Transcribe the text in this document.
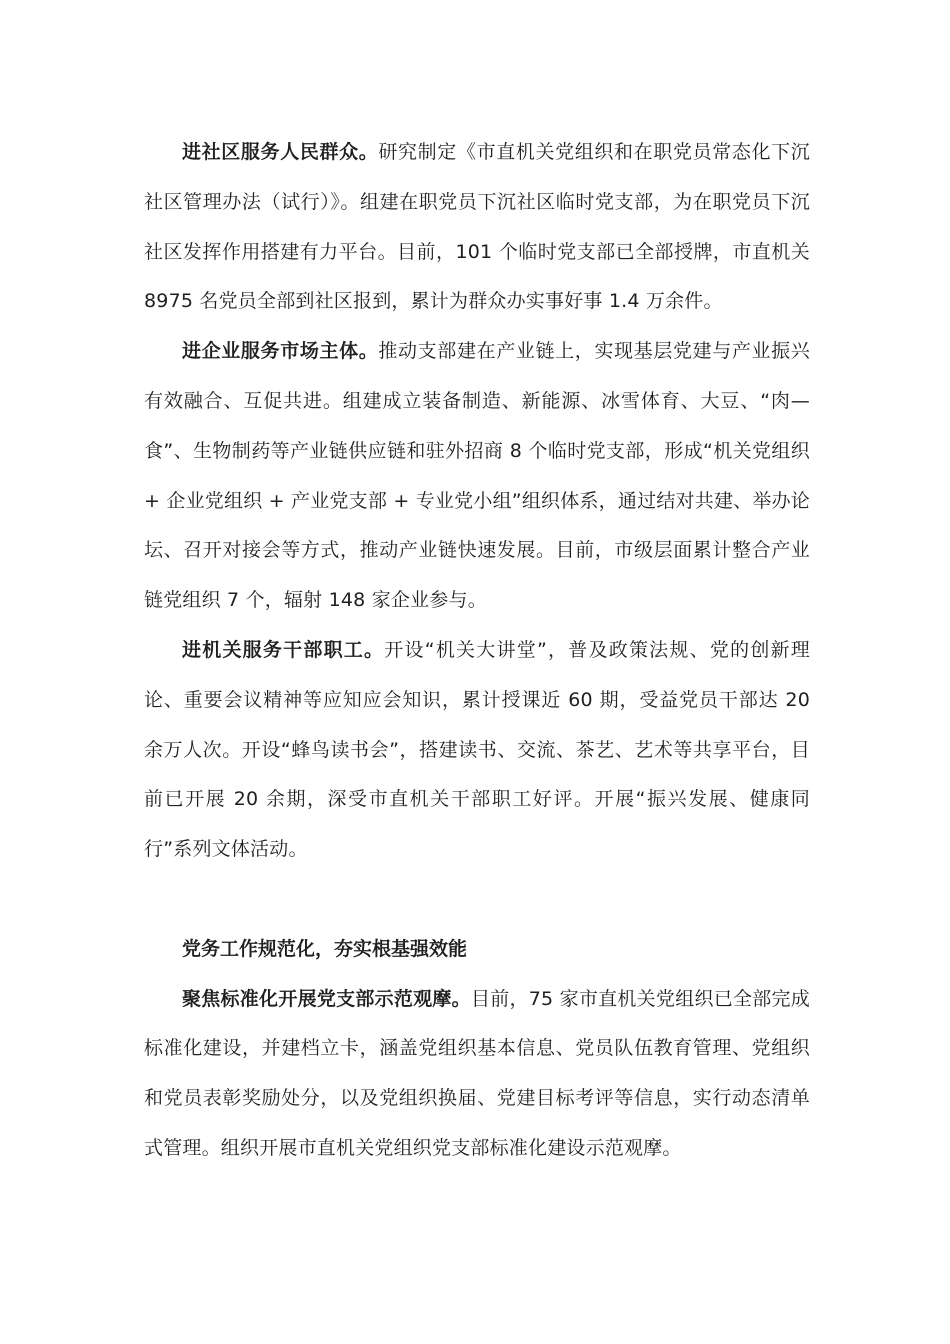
进社区服务人民群众。研究制定《市直机关党组织和在职党员常态化下沉社区管理办法（试行）》。组建在职党员下沉社区临时党支部，为在职党员下沉社区发挥作用搭建有力平台。目前，101 个临时党支部已全部授牌，市直机关 8975 名党员全部到社区报到，累计为群众办实事好事 1.4 万余件。

进企业服务市场主体。推动支部建在产业链上，实现基层党建与产业振兴有效融合、互促共进。组建成立装备制造、新能源、冰雪体育、大豆、“肉—食”、生物制药等产业链供应链和驻外招商 8 个临时党支部，形成“机关党组织 + 企业党组织 + 产业党支部 + 专业党小组”组织体系，通过结对共建、举办论坛、召开对接会等方式，推动产业链快速发展。目前，市级层面累计整合产业链党组织 7 个，辐射 148 家企业参与。

进机关服务干部职工。开设“机关大讲堂”，普及政策法规、党的创新理论、重要会议精神等应知应会知识，累计授课近 60 期，受益党员干部达 20 余万人次。开设“蜂鸟读书会”，搭建读书、交流、茶艺、艺术等共享平台，目前已开展 20 余期，深受市直机关干部职工好评。开展“振兴发展、健康同行”系列文体活动。

党务工作规范化，夯实根基强效能

聚焦标准化开展党支部示范观摩。目前，75 家市直机关党组织已全部完成标准化建设，并建档立卡，涵盖党组织基本信息、党员队伍教育管理、党组织和党员表彰奖励处分，以及党组织换届、党建目标考评等信息，实行动态清单式管理。组织开展市直机关党组织党支部标准化建设示范观摩。
